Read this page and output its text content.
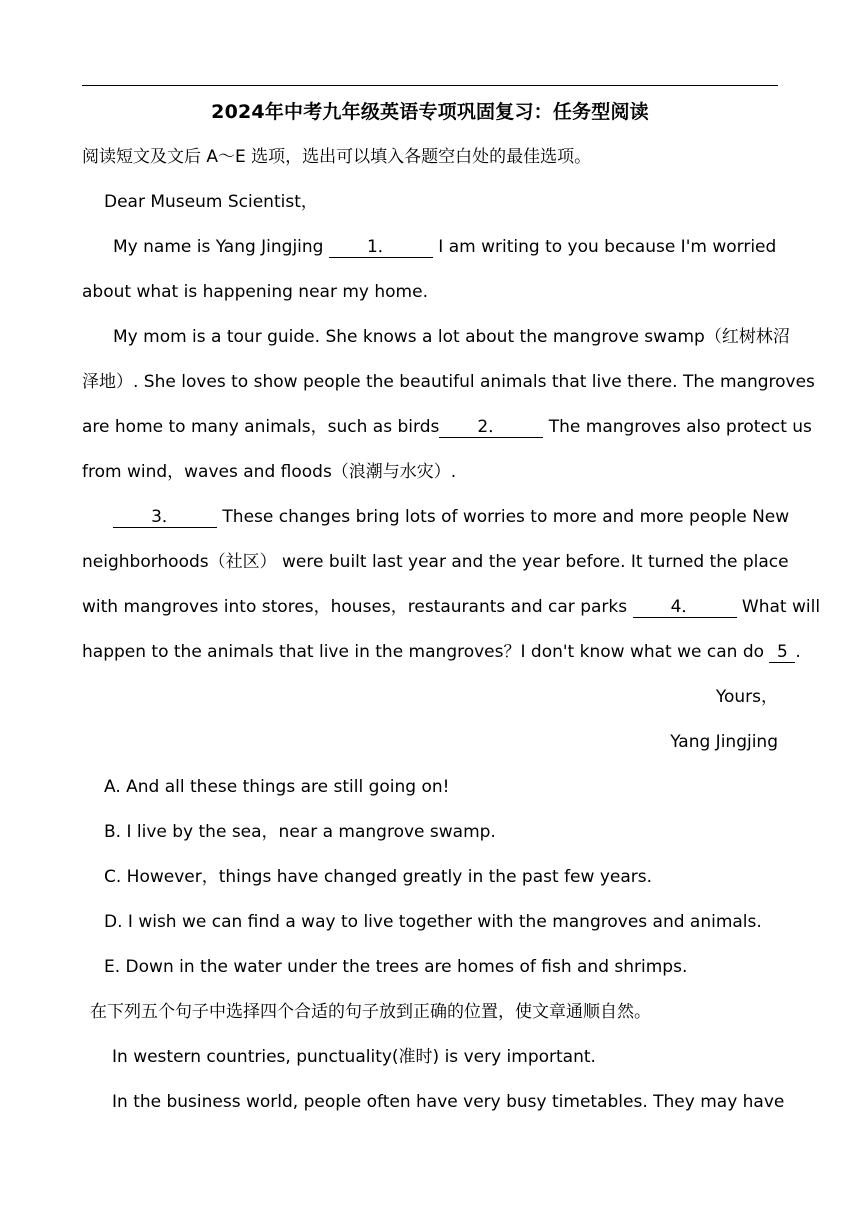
2024年中考九年级英语专项巩固复习：任务型阅读
阅读短文及文后 A～E 选项，选出可以填入各题空白处的最佳选项。
Dear Museum Scientist，
My name is Yang Jingjing 1． I am writing to you because I'm worried
about what is happening near my home.
My mom is a tour guide. She knows a lot about the mangrove swamp（红树林沼
泽地）. She loves to show people the beautiful animals that live there. The mangroves
are home to many animals，such as birds 2． The mangroves also protect us
from wind，waves and floods（浪潮与水灾）.
3． These changes bring lots of worries to more and more people New
neighborhoods（社区） were built last year and the year before. It turned the place
with mangroves into stores，houses，restaurants and car parks 4． What will
happen to the animals that live in the mangroves？I don't know what we can do 5 .
Yours，
Yang Jingjing
A. And all these things are still going on!
B. I live by the sea，near a mangrove swamp.
C. However，things have changed greatly in the past few years.
D. I wish we can find a way to live together with the mangroves and animals.
E. Down in the water under the trees are homes of fish and shrimps.
在下列五个句子中选择四个合适的句子放到正确的位置，使文章通顺自然。
In western countries, punctuality(准时) is very important.
In the business world, people often have very busy timetables. They may have
